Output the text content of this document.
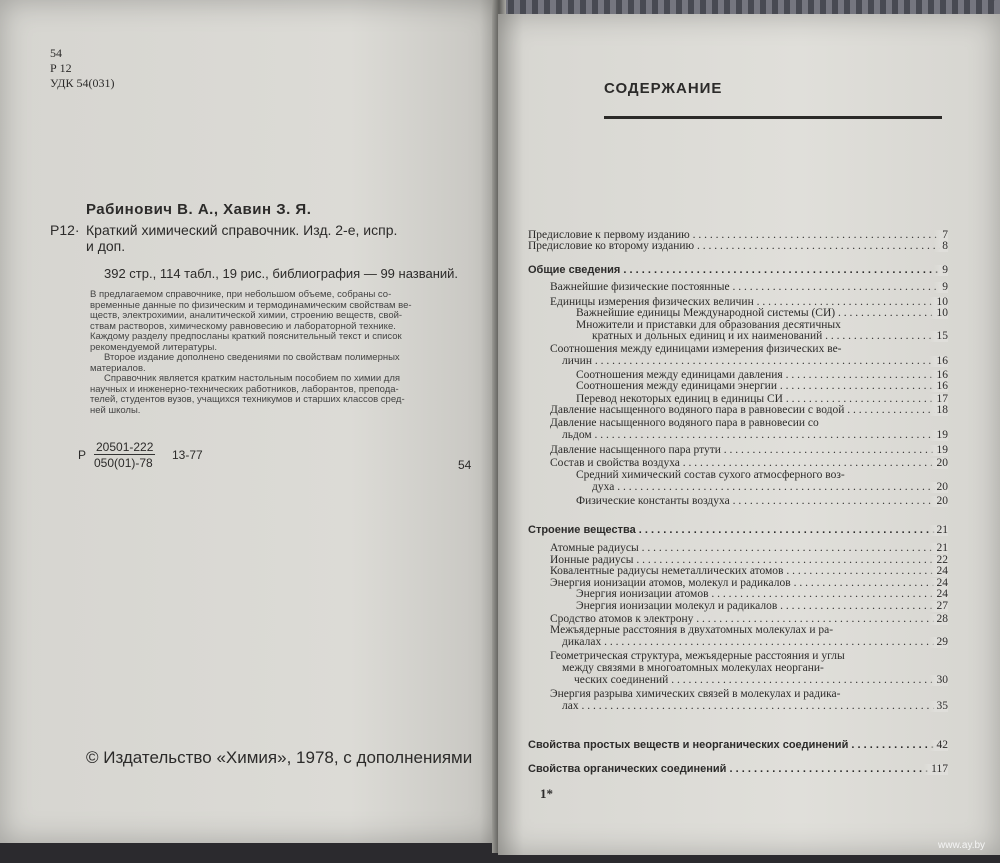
54
Р 12
УДК 54(031)
Рабинович В. А., Хавин З. Я.
Р12· Краткий химический справочник. Изд. 2-е, испр.
и доп.
392 стр., 114 табл., 19 рис., библиография — 99 названий.
В предлагаемом справочнике, при небольшом объеме, собраны со-
временные данные по физическим и термодинамическим свойствам ве-
ществ, электрохимии, аналитической химии, строению веществ, свой-
ствам растворов, химическому равновесию и лабораторной технике.
Каждому разделу предпосланы краткий пояснительный текст и список
рекомендуемой литературы.
Второе издание дополнено сведениями по свойствам полимерных
материалов.
Справочник является кратким настольным пособием по химии для
научных и инженерно-технических работников, лаборантов, препода-
телей, студентов вузов, учащихся техникумов и старших классов сред-
ней школы.
Р
20501-222
050(01)-78
13-77
54
© Издательство «Химия», 1978, с дополнениями
СОДЕРЖАНИЕ
Предисловие к первому изданию . . .	7
Предисловие ко второму изданию . . .	8
Общие сведения . . .	9
Важнейшие физические постоянные . . .	9
Единицы измерения физических величин . . .	10
Важнейшие единицы Международной системы (СИ) . . .	10
Множители и приставки для образования десятичных
кратных и дольных единиц и их наименований . . .	15
Соотношения между единицами измерения физических ве-
личин . . .	16
Соотношения между единицами давления . . .	16
Соотношения между единицами энергии . . .	16
Перевод некоторых единиц в единицы СИ . . .	17
Давление насыщенного водяного пара в равновесии с водой . . .	18
Давление насыщенного водяного пара в равновесии со
льдом . . .	19
Давление насыщенного пара ртути . . .	19
Состав и свойства воздуха . . .	20
Средний химический состав сухого атмосферного воз-
духа . . .	20
Физические константы воздуха . . .	20
Строение вещества . . .	21
Атомные радиусы . . .	21
Ионные радиусы . . .	22
Ковалентные радиусы неметаллических атомов . . .	24
Энергия ионизации атомов, молекул и радикалов . . .	24
Энергия ионизации атомов . . .	24
Энергия ионизации молекул и радикалов . . .	27
Сродство атомов к электрону . . .	28
Межъядерные расстояния в двухатомных молекулах и ра-
дикалах . . .	29
Геометрическая структура, межъядерные расстояния и углы
между связями в многоатомных молекулах неоргани-
ческих соединений . . .	30
Энергия разрыва химических связей в молекулах и радика-
лах . . .	35
Свойства простых веществ и неорганических соединений . . .	42
Свойства органических соединений . . .	117
1*
www.ay.by
